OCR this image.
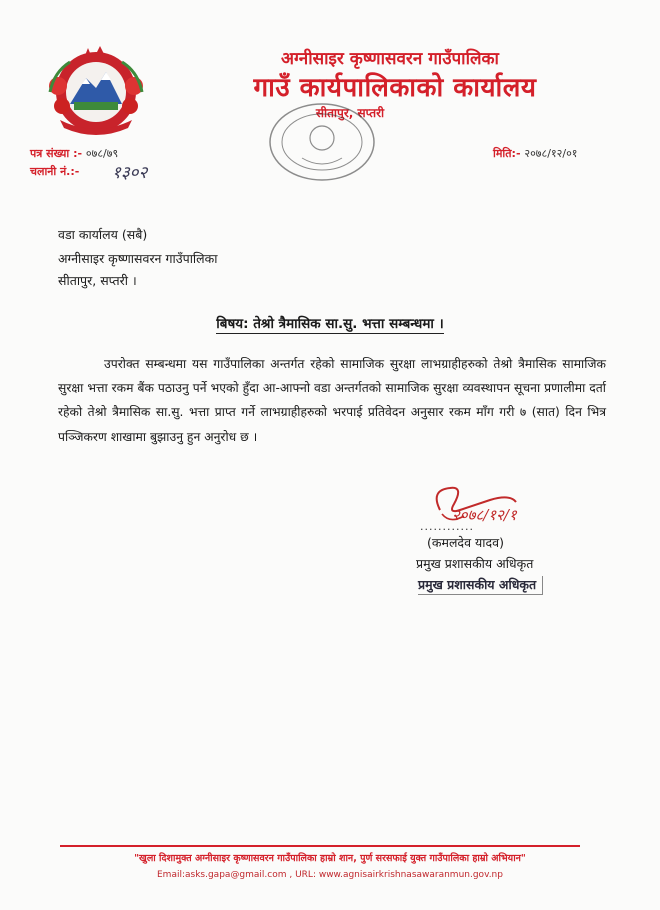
अग्नीसाइर कृष्णासवरन गाउँपालिका
गाउँ कार्यपालिकाको कार्यालय
सीतापुर, सप्तरी
पत्र संख्या :- ०७८/७९
चलानी नं.:- १३०२
मिति:- २०७८/१२/०१
वडा कार्यालय (सबै)
अग्नीसाइर कृष्णासवरन गाउँपालिका
सीतापुर, सप्तरी ।
बिषय: तेश्रो त्रैमासिक सा.सु. भत्ता सम्बन्धमा ।
उपरोक्त सम्बन्धमा यस गाउँपालिका अन्तर्गत रहेको सामाजिक सुरक्षा लाभग्राहीहरुको तेश्रो त्रैमासिक सामाजिक सुरक्षा भत्ता रकम बैंक पठाउनु पर्ने भएको हुँदा आ-आफ्नो वडा अन्तर्गतको सामाजिक सुरक्षा व्यवस्थापन सूचना प्रणालीमा दर्ता रहेको तेश्रो त्रैमासिक सा.सु. भत्ता प्राप्त गर्ने लाभग्राहीहरुको भरपाई प्रतिवेदन अनुसार रकम माँग गरी ७ (सात) दिन भित्र पञ्जिकरण शाखामा बुझाउनु हुन अनुरोध छ ।
२०७८/१२/१
............
(कमलदेव यादव)
प्रमुख प्रशासकीय अधिकृत
प्रमुख प्रशासकीय अधिकृत
"खुला दिशामुक्त अग्नीसाइर कृष्णासवरन गाउँपालिका हाम्रो शान, पुर्ण सरसफाई युक्त गाउँपालिका हाम्रो अभियान"
Email:asks.gapa@gmail.com , URL: www.agnisairkrishnasawaranmun.gov.np
